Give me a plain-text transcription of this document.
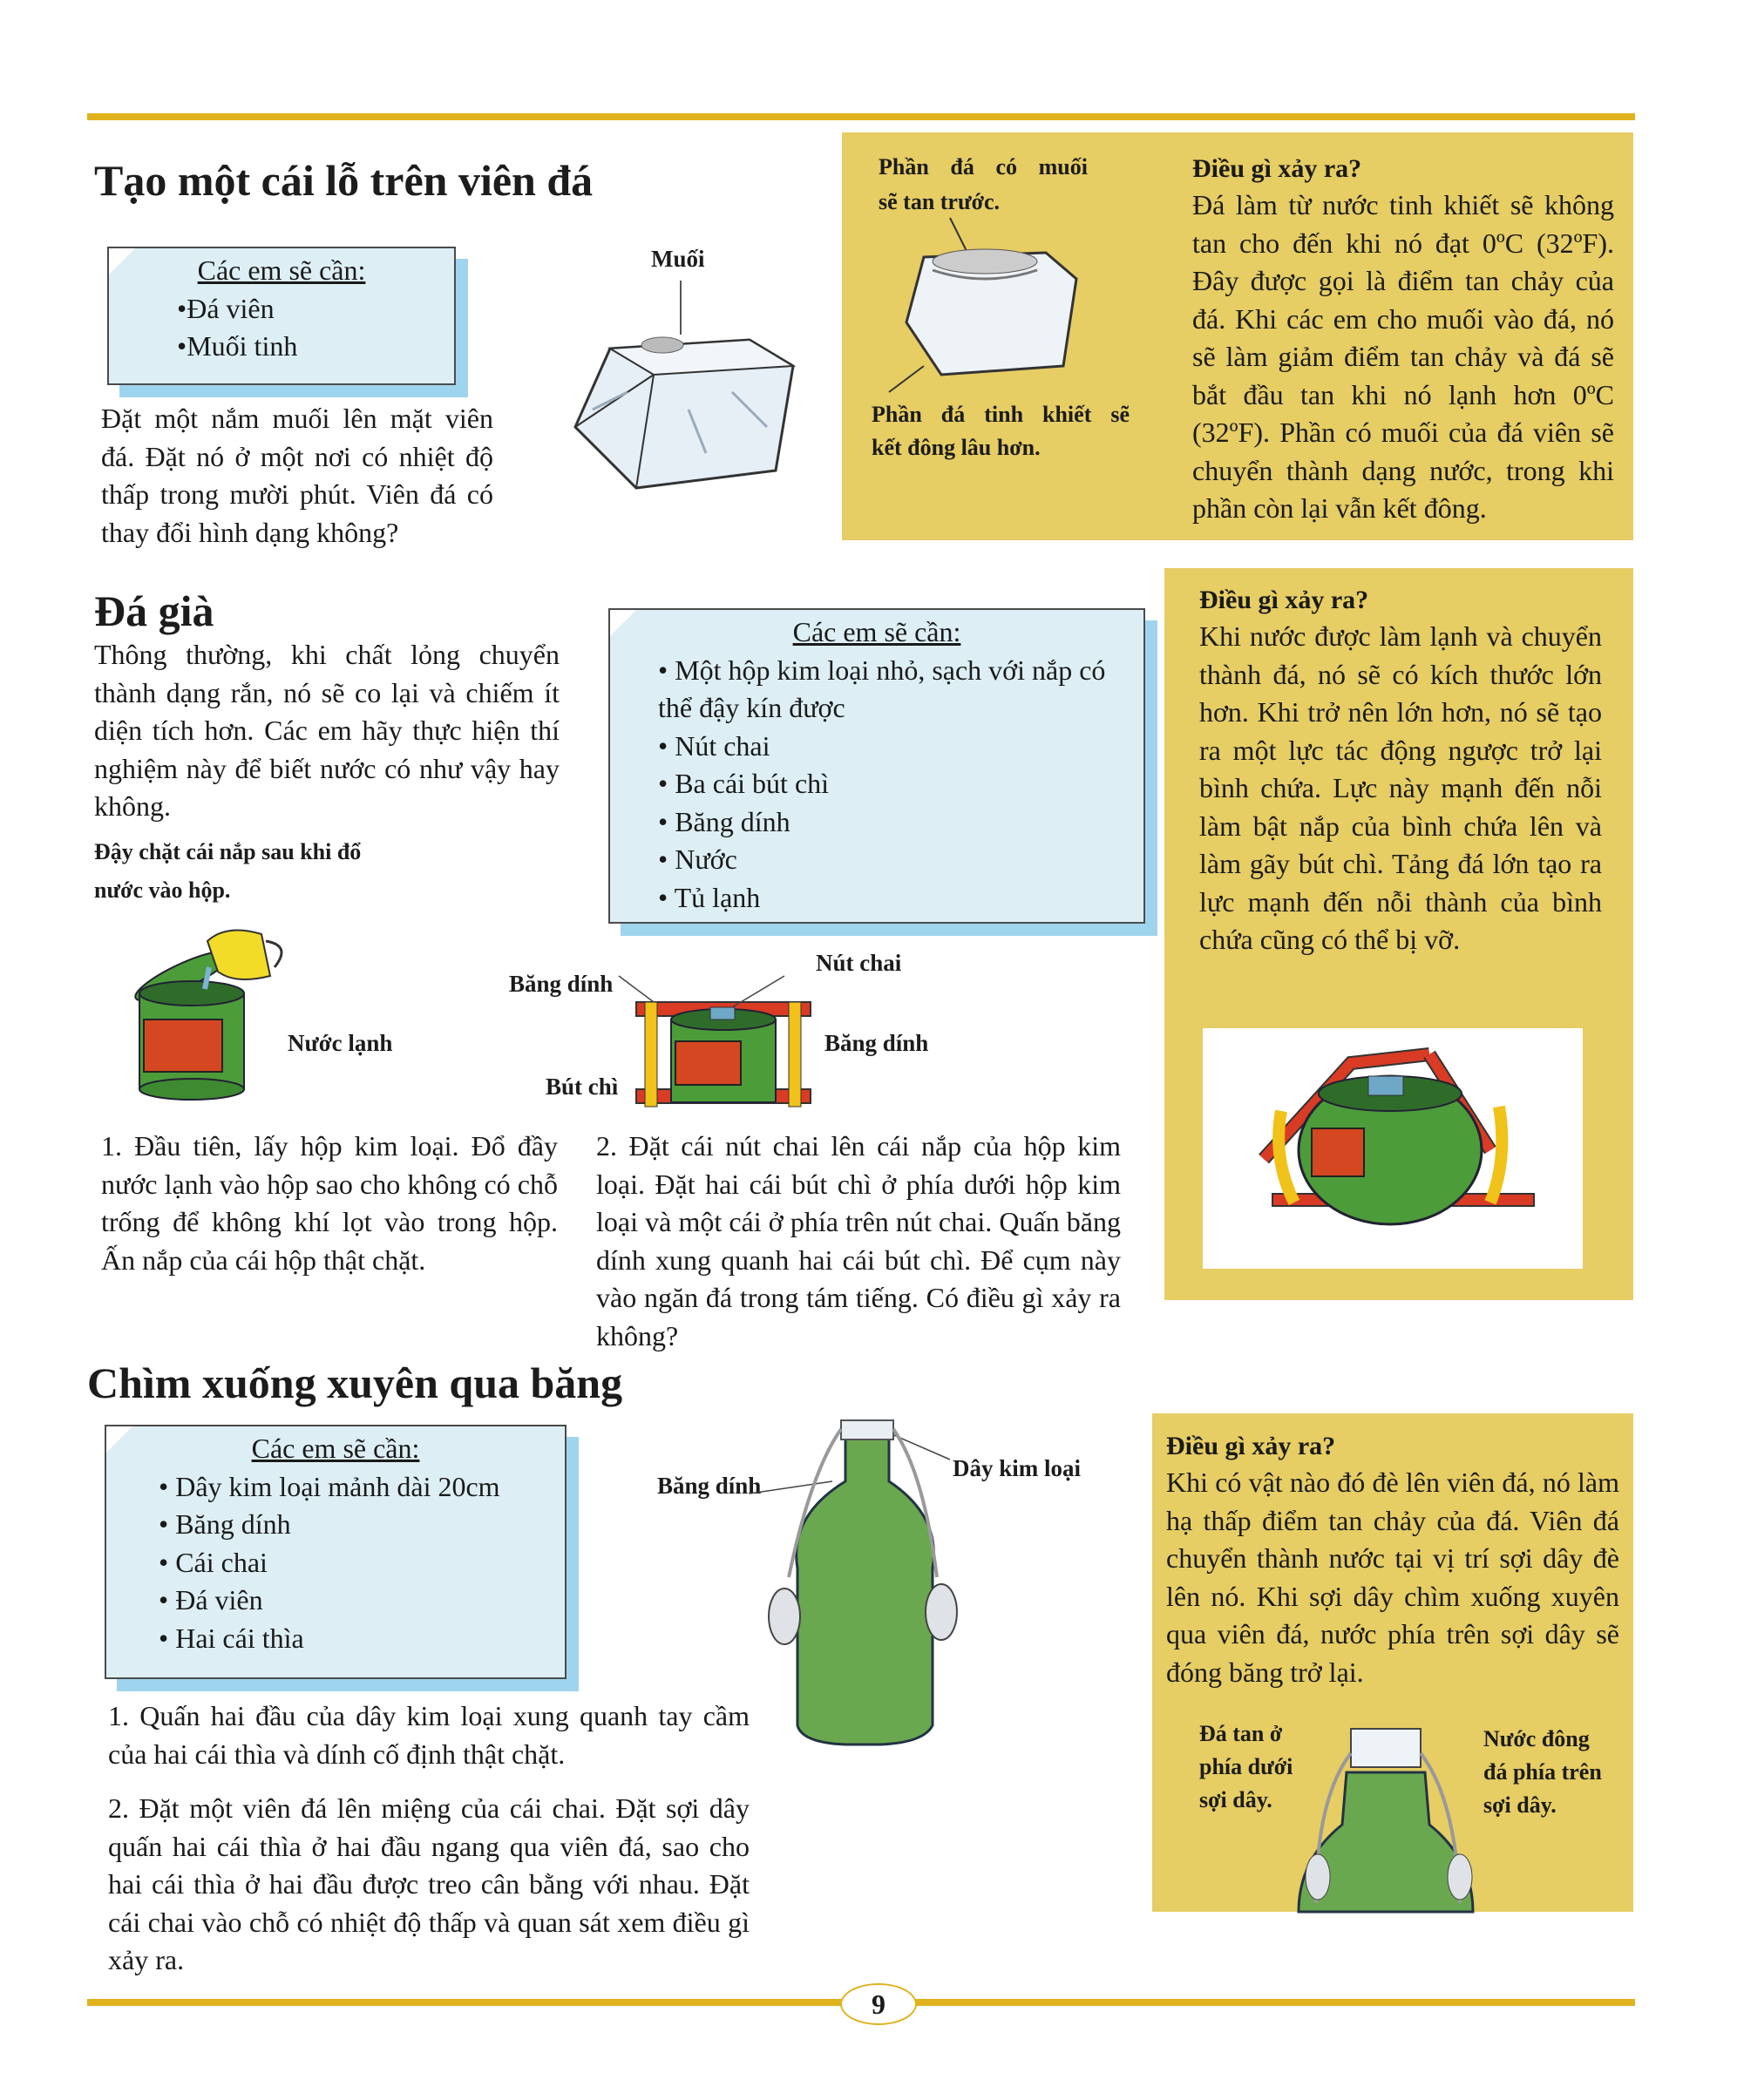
Tạo một cái lỗ trên viên đá
Các em sẽ cần:
•Đá viên
•Muối tinh

Đặt một nắm muối lên mặt viên đá. Đặt nó ở một nơi có nhiệt độ thấp trong mười phút. Viên đá có thay đổi hình dạng không?

Muối
Phần đá có muối
sẽ tan trước.
Phần đá tinh khiết sẽ
kết đông lâu hơn.
Điều gì xảy ra?

Đá làm từ nước tinh khiết sẽ không tan cho đến khi nó đạt 0ºC (32ºF). Đây được gọi là điểm tan chảy của đá. Khi các em cho muối vào đá, nó sẽ làm giảm điểm tan chảy và đá sẽ bắt đầu tan khi nó lạnh hơn 0ºC (32ºF). Phần có muối của đá viên sẽ chuyển thành dạng nước, trong khi phần còn lại vẫn kết đông.

Đá già

Thông thường, khi chất lỏng chuyển thành dạng rắn, nó sẽ co lại và chiếm ít diện tích hơn. Các em hãy thực hiện thí nghiệm này để biết nước có như vậy hay không.

Đậy chặt cái nắp sau khi đổ
nước vào hộp.
Các em sẽ cần:
• Một hộp kim loại nhỏ, sạch với nắp có thể đậy kín được
• Nút chai
• Ba cái bút chì
• Băng dính
• Nước
• Tủ lạnh
Nước lạnh
Băng dính
Nút chai
Băng dính
Bút chì

1. Đầu tiên, lấy hộp kim loại. Đổ đầy nước lạnh vào hộp sao cho không có chỗ trống để không khí lọt vào trong hộp. Ấn nắp của cái hộp thật chặt.

2. Đặt cái nút chai lên cái nắp của hộp kim loại. Đặt hai cái bút chì ở phía dưới hộp kim loại và một cái ở phía trên nút chai. Quấn băng dính xung quanh hai cái bút chì. Để cụm này vào ngăn đá trong tám tiếng. Có điều gì xảy ra không?

Điều gì xảy ra?

Khi nước được làm lạnh và chuyển thành đá, nó sẽ có kích thước lớn hơn. Khi trở nên lớn hơn, nó sẽ tạo ra một lực tác động ngược trở lại bình chứa. Lực này mạnh đến nỗi làm bật nắp của bình chứa lên và làm gãy bút chì. Tảng đá lớn tạo ra lực mạnh đến nỗi thành của bình chứa cũng có thể bị vỡ.

Chìm xuống xuyên qua băng
Các em sẽ cần:
• Dây kim loại mảnh dài 20cm
• Băng dính
• Cái chai
• Đá viên
• Hai cái thìa
Băng dính
Dây kim loại

1. Quấn hai đầu của dây kim loại xung quanh tay cầm của hai cái thìa và dính cố định thật chặt.

2. Đặt một viên đá lên miệng của cái chai. Đặt sợi dây quấn hai cái thìa ở hai đầu ngang qua viên đá, sao cho hai cái thìa ở hai đầu được treo cân bằng với nhau. Đặt cái chai vào chỗ có nhiệt độ thấp và quan sát xem điều gì xảy ra.

Điều gì xảy ra?

Khi có vật nào đó đè lên viên đá, nó làm hạ thấp điểm tan chảy của đá. Viên đá chuyển thành nước tại vị trí sợi dây đè lên nó. Khi sợi dây chìm xuống xuyên qua viên đá, nước phía trên sợi dây sẽ đóng băng trở lại.

Đá tan ở
phía dưới
sợi dây.
Nước đông
đá phía trên
sợi dây.
9
